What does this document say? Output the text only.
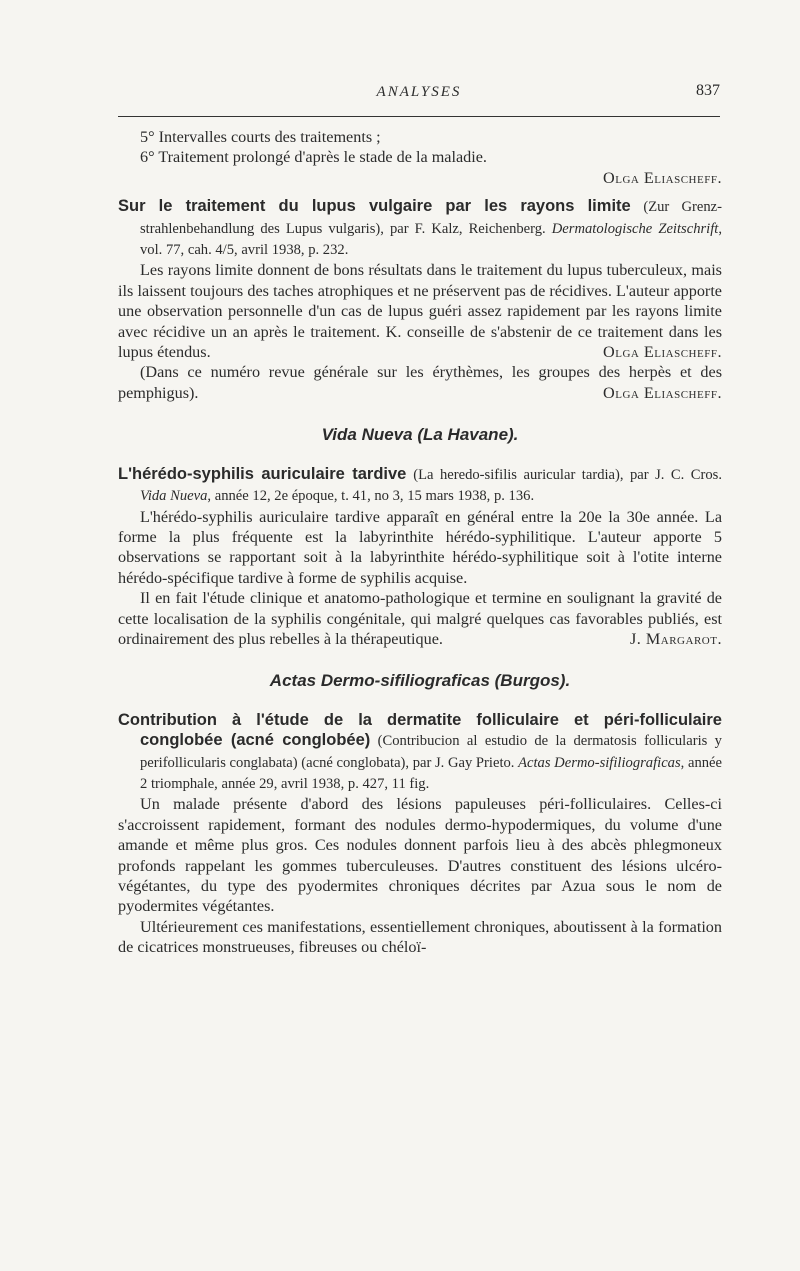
ANALYSES	837

5° Intervalles courts des traitements ;

6° Traitement prolongé d'après le stade de la maladie.

Olga Eliascheff.

Sur le traitement du lupus vulgaire par les rayons limite (Zur Grenzstrahlenbehandlung des Lupus vulgaris), par F. Kalz, Reichenberg. Dermatologische Zeitschrift, vol. 77, cah. 4/5, avril 1938, p. 232.

Les rayons limite donnent de bons résultats dans le traitement du lupus tuberculeux, mais ils laissent toujours des taches atrophiques et ne préservent pas de récidives. L'auteur apporte une observation personnelle d'un cas de lupus guéri assez rapidement par les rayons limite avec récidive un an après le traitement. K. conseille de s'abstenir de ce traitement dans les lupus étendus.	Olga Eliascheff.

(Dans ce numéro revue générale sur les érythèmes, les groupes des herpès et des pemphigus).	Olga Eliascheff.

Vida Nueva (La Havane).

L'hérédo-syphilis auriculaire tardive (La heredo-sifilis auricular tardia), par J. C. Cros. Vida Nueva, année 12, 2e époque, t. 41, no 3, 15 mars 1938, p. 136.

L'hérédo-syphilis auriculaire tardive apparaît en général entre la 20e la 30e année. La forme la plus fréquente est la labyrinthite hérédo-syphilitique. L'auteur apporte 5 observations se rapportant soit à la labyrinthite hérédo-syphilitique soit à l'otite interne hérédo-spécifique tardive à forme de syphilis acquise.

Il en fait l'étude clinique et anatomo-pathologique et termine en soulignant la gravité de cette localisation de la syphilis congénitale, qui malgré quelques cas favorables publiés, est ordinairement des plus rebelles à la thérapeutique.	J. Margarot.

Actas Dermo-sifiliograficas (Burgos).

Contribution à l'étude de la dermatite folliculaire et péri-folliculaire conglobée (acné conglobée) (Contribucion al estudio de la dermatosis follicularis y perifollicularis conglabata) (acné conglobata), par J. Gay Prieto. Actas Dermo-sifiliograficas, année 2 triomphale, année 29, avril 1938, p. 427, 11 fig.

Un malade présente d'abord des lésions papuleuses péri-folliculaires. Celles-ci s'accroissent rapidement, formant des nodules dermo-hypodermiques, du volume d'une amande et même plus gros. Ces nodules donnent parfois lieu à des abcès phlegmoneux profonds rappelant les gommes tuberculeuses. D'autres constituent des lésions ulcéro-végétantes, du type des pyodermites chroniques décrites par Azua sous le nom de pyodermites végétantes.

Ultérieurement ces manifestations, essentiellement chroniques, aboutissent à la formation de cicatrices monstrueuses, fibreuses ou chéloï-
